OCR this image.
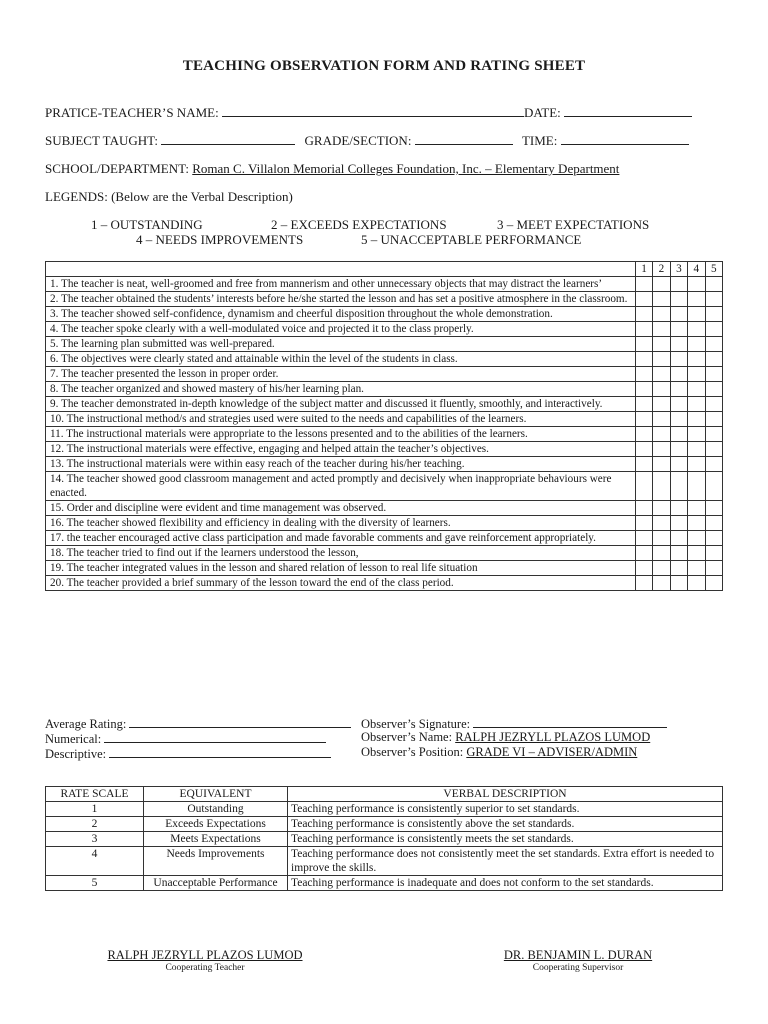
TEACHING OBSERVATION FORM AND RATING SHEET
PRATICE-TEACHER’S NAME:	DATE:
SUBJECT TAUGHT:	GRADE/SECTION:	TIME:
SCHOOL/DEPARTMENT: Roman C. Villalon Memorial Colleges Foundation, Inc. – Elementary Department
LEGENDS: (Below are the Verbal Description)
1 – OUTSTANDING	2 – EXCEEDS EXPECTATIONS	3 – MEET EXPECTATIONS
4 – NEEDS IMPROVEMENTS	5 – UNACCEPTABLE PERFORMANCE
	1	2	3	4	5
1. The teacher is neat, well-groomed and free from mannerism and other unnecessary objects that may distract the learners’					
2. The teacher obtained the students’ interests before he/she started the lesson and has set a positive atmosphere in the classroom.					
3. The teacher showed self-confidence, dynamism and cheerful disposition throughout the whole demonstration.					
4. The teacher spoke clearly with a well-modulated voice and projected it to the class properly.					
5. The learning plan submitted was well-prepared.					
6. The objectives were clearly stated and attainable within the level of the students in class.					
7. The teacher presented the lesson in proper order.					
8. The teacher organized and showed mastery of his/her learning plan.					
9. The teacher demonstrated in-depth knowledge of the subject matter and discussed it fluently, smoothly, and interactively.					
10. The instructional method/s and strategies used were suited to the needs and capabilities of the learners.					
11. The instructional materials were appropriate to the lessons presented and to the abilities of the learners.					
12. The instructional materials were effective, engaging and helped attain the teacher’s objectives.					
13. The instructional materials were within easy reach of the teacher during his/her teaching.					
14. The teacher showed good classroom management and acted promptly and decisively when inappropriate behaviours were enacted.					
15. Order and discipline were evident and time management was observed.					
16. The teacher showed flexibility and efficiency in dealing with the diversity of learners.					
17. the teacher encouraged active class participation and made favorable comments and gave reinforcement appropriately.					
18. The teacher tried to find out if the learners understood the lesson,					
19. The teacher integrated values in the lesson and shared relation of lesson to real life situation					
20. The teacher provided a brief summary of the lesson toward the end of the class period.					
Average Rating:
Numerical:
Descriptive:
Observer’s Signature:
Observer’s Name: RALPH JEZRYLL PLAZOS LUMOD
Observer’s Position: GRADE VI – ADVISER/ADMIN
RATE SCALE	EQUIVALENT	VERBAL DESCRIPTION
1	Outstanding	Teaching performance is consistently superior to set standards.
2	Exceeds Expectations	Teaching performance is consistently above the set standards.
3	Meets Expectations	Teaching performance is consistently meets the set standards.
4	Needs Improvements	Teaching performance does not consistently meet the set standards. Extra effort is needed to improve the skills.
5	Unacceptable Performance	Teaching performance is inadequate and does not conform to the set standards.
RALPH JEZRYLL PLAZOS LUMOD
Cooperating Teacher
DR. BENJAMIN L. DURAN
Cooperating Supervisor
